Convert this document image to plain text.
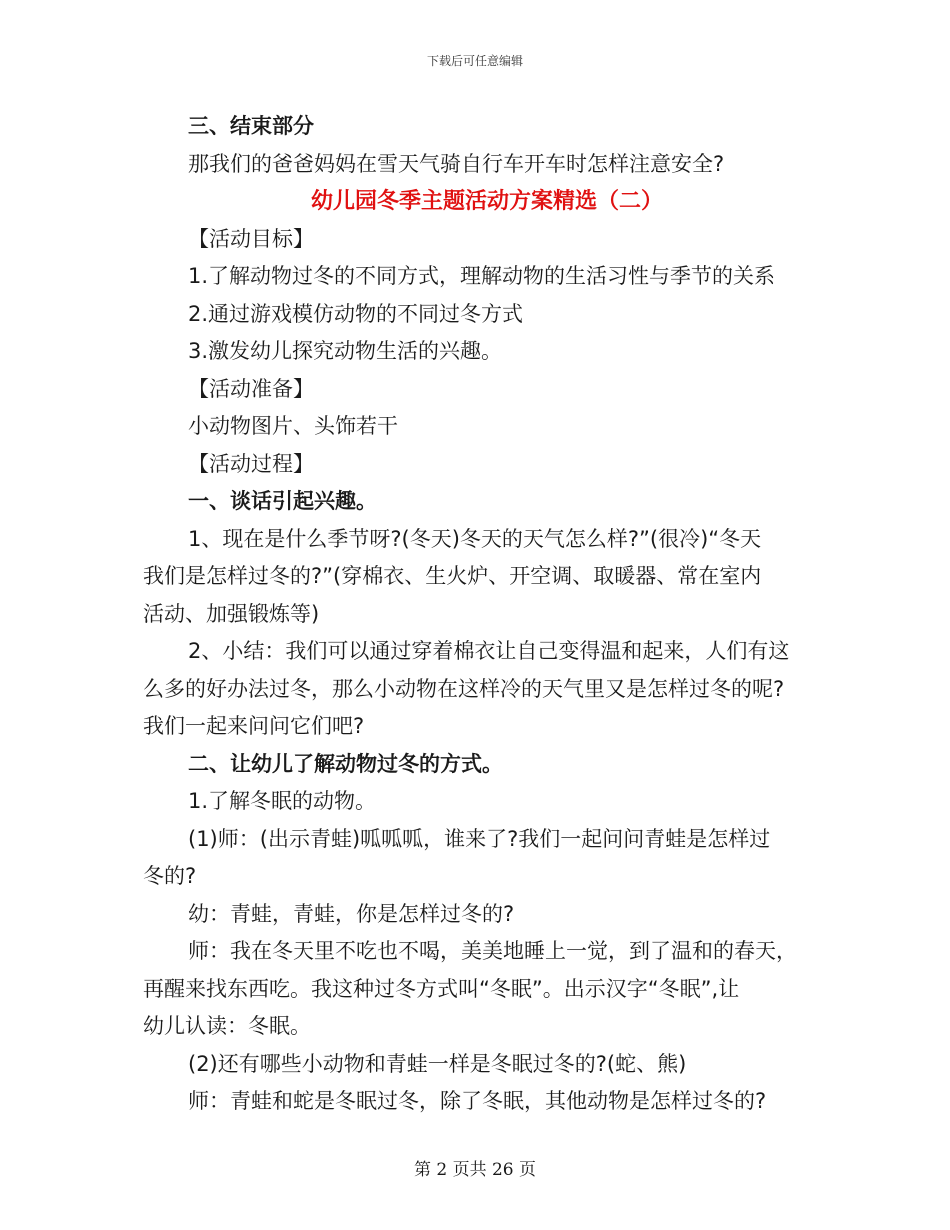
下载后可任意编辑
三、结束部分
那我们的爸爸妈妈在雪天气骑自行车开车时怎样注意安全?
幼儿园冬季主题活动方案精选（二）
【活动目标】
1.了解动物过冬的不同方式，理解动物的生活习性与季节的关系
2.通过游戏模仿动物的不同过冬方式
3.激发幼儿探究动物生活的兴趣。
【活动准备】
小动物图片、头饰若干
【活动过程】
一、谈话引起兴趣。
1、现在是什么季节呀?(冬天)冬天的天气怎么样?”(很冷)“冬天
我们是怎样过冬的?”(穿棉衣、生火炉、开空调、取暖器、常在室内
活动、加强锻炼等)
2、小结：我们可以通过穿着棉衣让自己变得温和起来，人们有这
么多的好办法过冬，那么小动物在这样冷的天气里又是怎样过冬的呢?
我们一起来问问它们吧?
二、让幼儿了解动物过冬的方式。
1.了解冬眠的动物。
(1)师：(出示青蛙)呱呱呱，谁来了?我们一起问问青蛙是怎样过
冬的?
幼：青蛙，青蛙，你是怎样过冬的?
师：我在冬天里不吃也不喝，美美地睡上一觉，到了温和的春天，
再醒来找东西吃。我这种过冬方式叫“冬眠”。出示汉字“冬眠”,让
幼儿认读：冬眠。
(2)还有哪些小动物和青蛙一样是冬眠过冬的?(蛇、熊)
师：青蛙和蛇是冬眠过冬，除了冬眠，其他动物是怎样过冬的?
第 2 页共 26 页
